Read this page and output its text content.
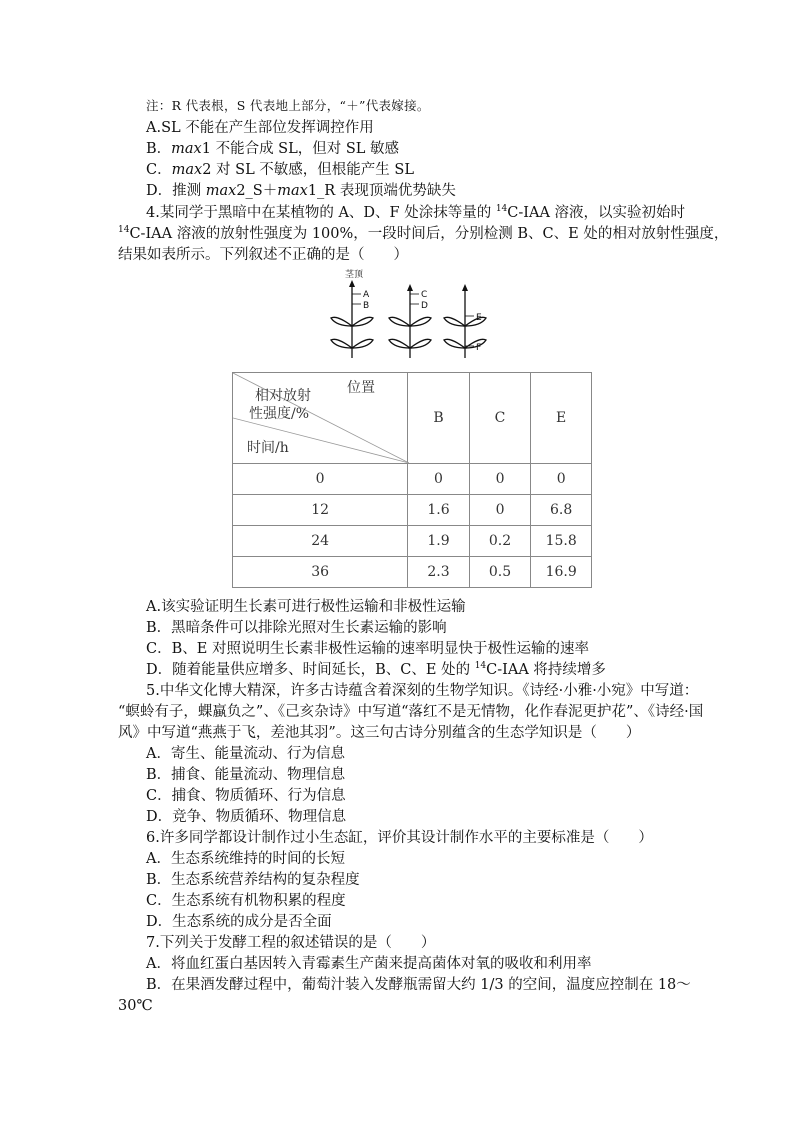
注：R 代表根，S 代表地上部分，“＋”代表嫁接。
A.SL 不能在产生部位发挥调控作用
B．max1 不能合成 SL，但对 SL 敏感
C．max2 对 SL 不敏感，但根能产生 SL
D．推测 max2_S＋max1_R 表现顶端优势缺失
4.某同学于黑暗中在某植物的 A、D、F 处涂抹等量的 $^{14}$C-IAA 溶液，以实验初始时
$^{14}$C-IAA 溶液的放射性强度为 100%，一段时间后，分别检测 B、C、E 处的相对放射性强度，
结果如表所示。下列叙述不正确的是（　　）
茎顶
A
B
C
D
E
F
位置
相对放射
性强度/%
时间/h	B	C	E
0	0	0	0
12	1.6	0	6.8
24	1.9	0.2	15.8
36	2.3	0.5	16.9
A.该实验证明生长素可进行极性运输和非极性运输
B．黑暗条件可以排除光照对生长素运输的影响
C．B、E 对照说明生长素非极性运输的速率明显快于极性运输的速率
D．随着能量供应增多、时间延长，B、C、E 处的 $^{14}$C-IAA 将持续增多
5.中华文化博大精深，许多古诗蕴含着深刻的生物学知识。《诗经·小雅·小宛》中写道：
“螟蛉有子，蜾蠃负之”、《己亥杂诗》中写道“落红不是无情物，化作春泥更护花”、《诗经·国
风》中写道“燕燕于飞，差池其羽”。这三句古诗分别蕴含的生态学知识是（　　）
A．寄生、能量流动、行为信息
B．捕食、能量流动、物理信息
C．捕食、物质循环、行为信息
D．竞争、物质循环、物理信息
6.许多同学都设计制作过小生态缸，评价其设计制作水平的主要标准是（　　）
A．生态系统维持的时间的长短
B．生态系统营养结构的复杂程度
C．生态系统有机物积累的程度
D．生态系统的成分是否全面
7.下列关于发酵工程的叙述错误的是（　　）
A．将血红蛋白基因转入青霉素生产菌来提高菌体对氧的吸收和利用率
B．在果酒发酵过程中，葡萄汁装入发酵瓶需留大约 1/3 的空间，温度应控制在 18～
30℃
